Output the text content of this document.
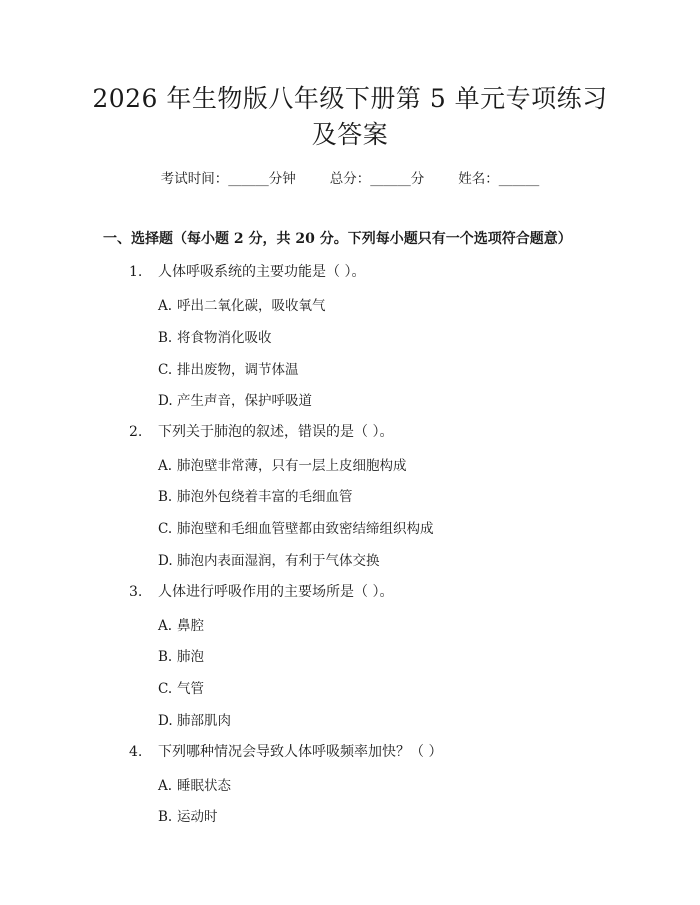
2026 年生物版八年级下册第 5 单元专项练习
及答案
考试时间：______分钟	总分：______分	姓名：______
一、选择题（每小题 2 分，共 20 分。下列每小题只有一个选项符合题意）
1. 人体呼吸系统的主要功能是（ ）。
A. 呼出二氧化碳，吸收氧气
B. 将食物消化吸收
C. 排出废物，调节体温
D. 产生声音，保护呼吸道
2. 下列关于肺泡的叙述，错误的是（ ）。
A. 肺泡壁非常薄，只有一层上皮细胞构成
B. 肺泡外包绕着丰富的毛细血管
C. 肺泡壁和毛细血管壁都由致密结缔组织构成
D. 肺泡内表面湿润，有利于气体交换
3. 人体进行呼吸作用的主要场所是（ ）。
A. 鼻腔
B. 肺泡
C. 气管
D. 肺部肌肉
4. 下列哪种情况会导致人体呼吸频率加快？（ ）
A. 睡眠状态
B. 运动时
